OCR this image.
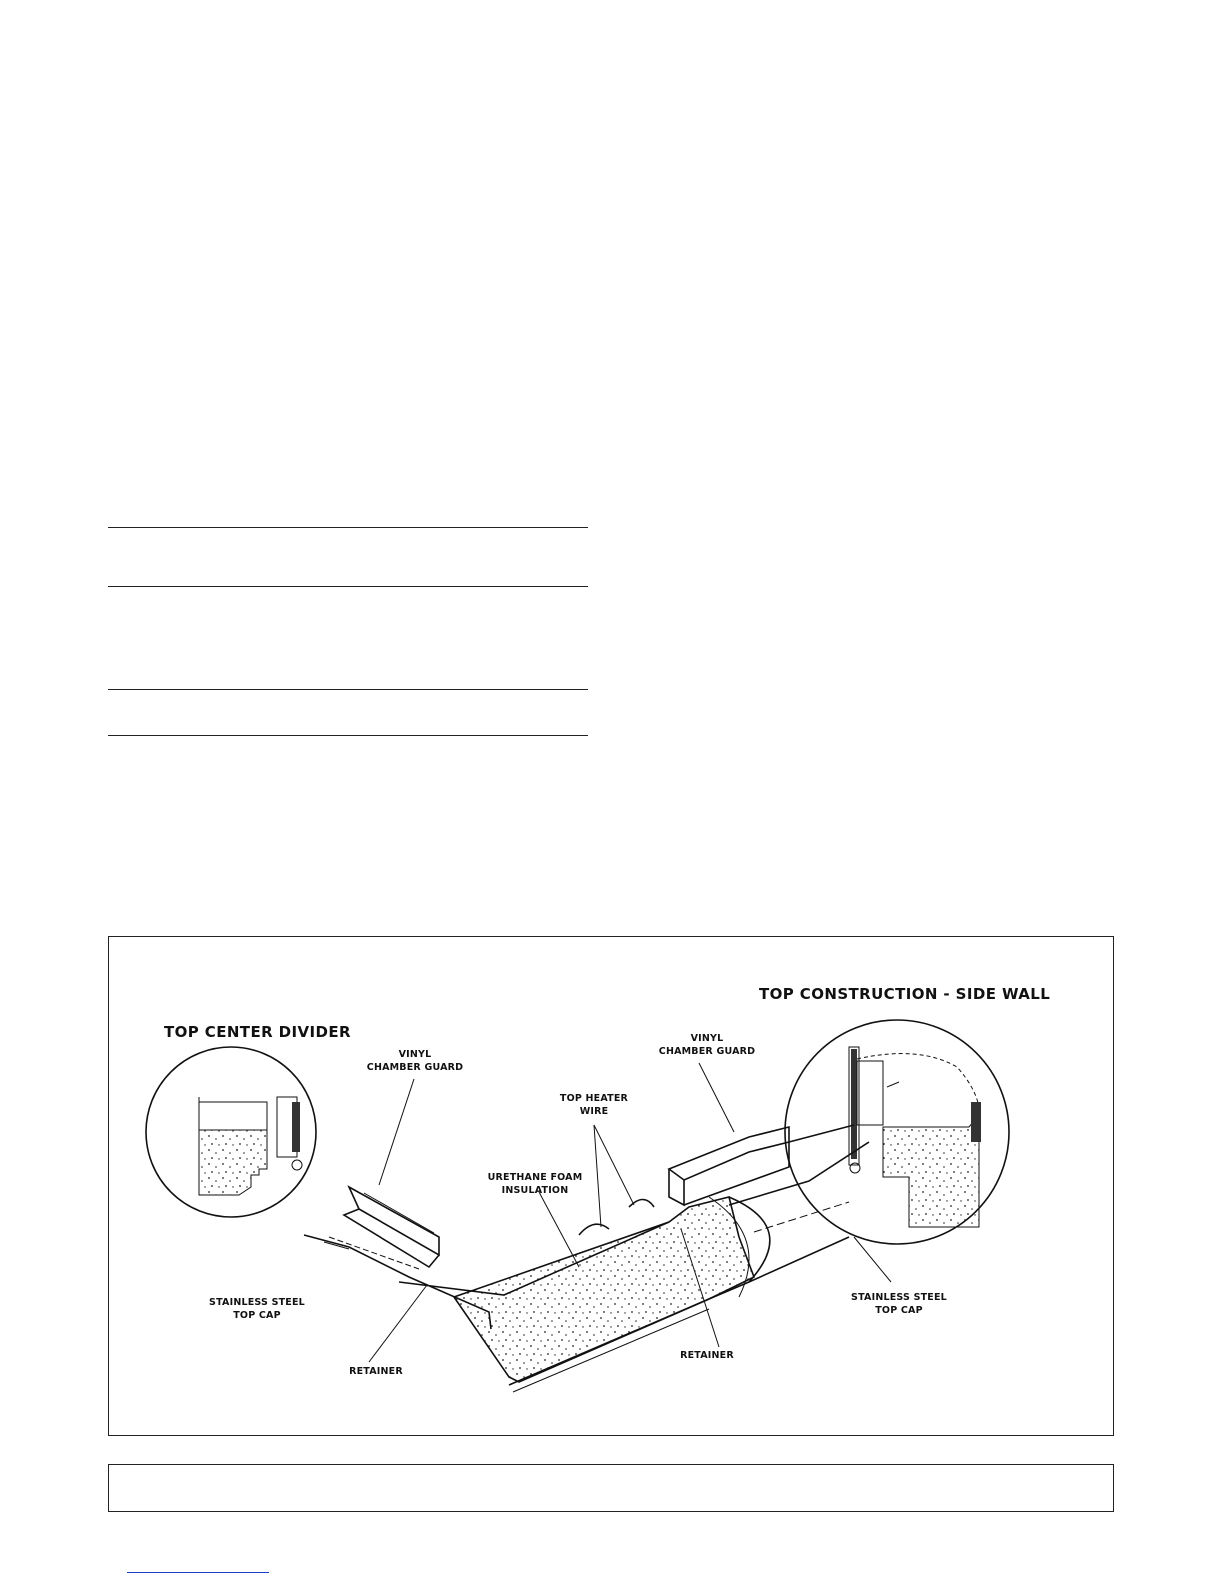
TOP CENTER DIVIDER
TOP CONSTRUCTION - SIDE WALL
VINYL
CHAMBER GUARD
VINYL
CHAMBER GUARD
TOP HEATER
WIRE
URETHANE FOAM
INSULATION
STAINLESS STEEL
TOP CAP
STAINLESS STEEL
TOP CAP
RETAINER
RETAINER
